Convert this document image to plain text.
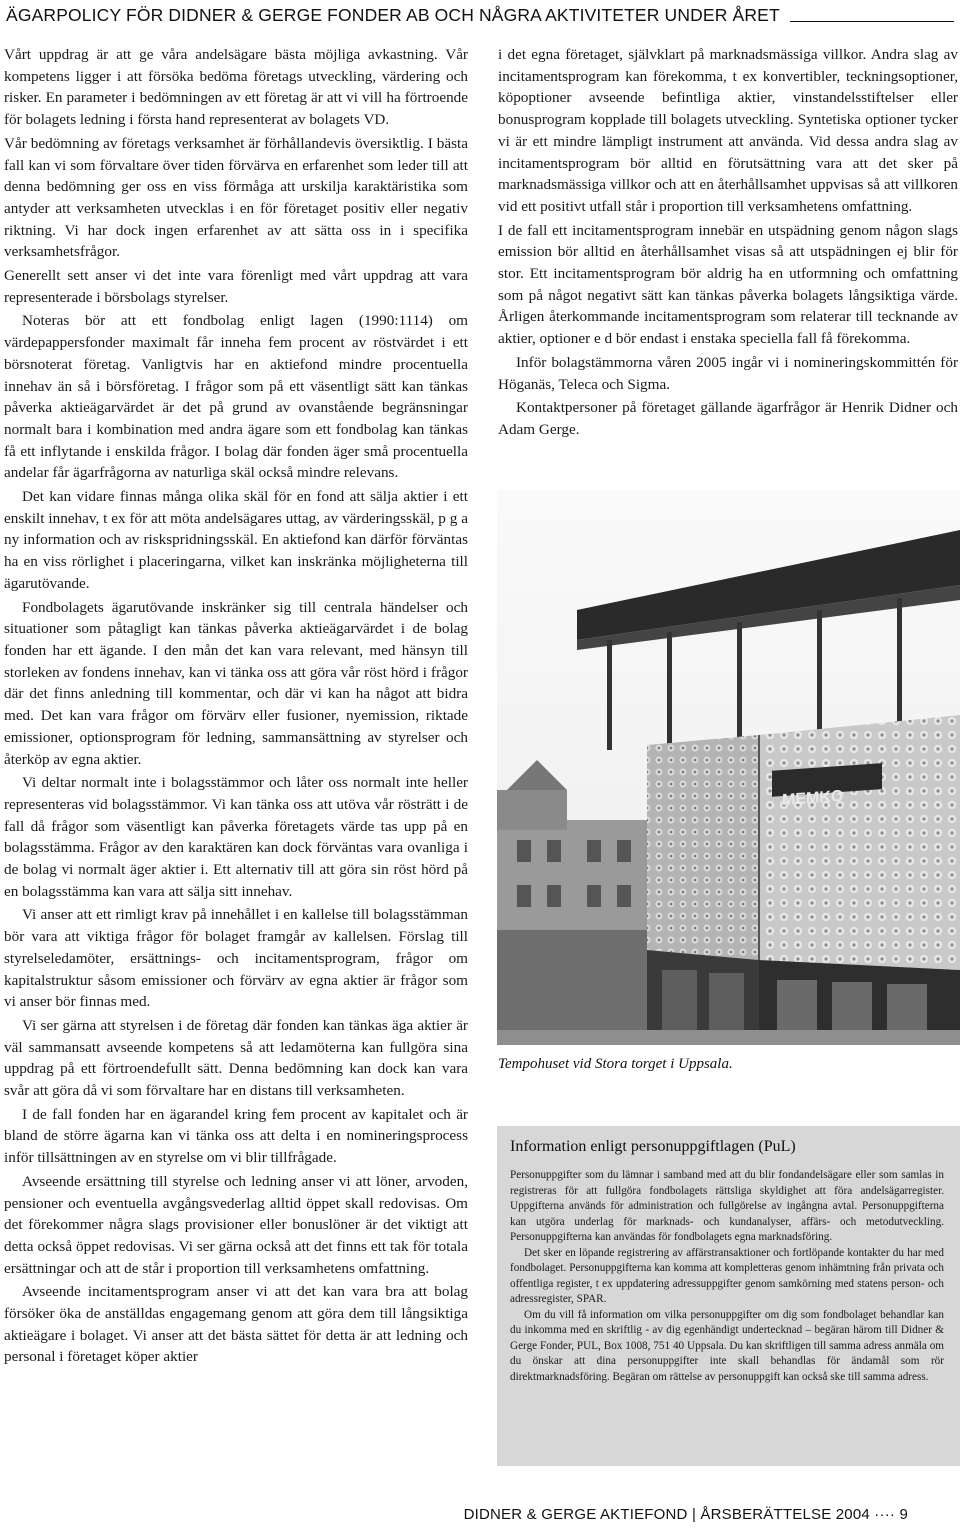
ÄGARPOLICY FÖR DIDNER & GERGE FONDER AB OCH NÅGRA AKTIVITETER UNDER ÅRET

Vårt uppdrag är att ge våra andelsägare bästa möjliga avkastning. Vår kompetens ligger i att försöka bedöma företags utveckling, värdering och risker. En parameter i bedömningen av ett företag är att vi vill ha förtroende för bolagets ledning i första hand representerat av bolagets VD.

Vår bedömning av företags verksamhet är förhållandevis översiktlig. I bästa fall kan vi som förvaltare över tiden förvärva en erfarenhet som leder till att denna bedömning ger oss en viss förmåga att urskilja karaktäristika som antyder att verksamheten utvecklas i en för företaget positiv eller negativ riktning. Vi har dock ingen erfarenhet av att sätta oss in i specifika verksamhetsfrågor.

Generellt sett anser vi det inte vara förenligt med vårt uppdrag att vara representerade i börsbolags styrelser.

Noteras bör att ett fondbolag enligt lagen (1990:1114) om värdepappersfonder maximalt får inneha fem procent av röstvärdet i ett börsnoterat företag. Vanligtvis har en aktiefond mindre procentuella innehav än så i börsföretag. I frågor som på ett väsentligt sätt kan tänkas påverka aktieägarvärdet är det på grund av ovanstående begränsningar normalt bara i kombination med andra ägare som ett fondbolag kan tänkas få ett inflytande i enskilda frågor. I bolag där fonden äger små procentuella andelar får ägarfrågorna av naturliga skäl också mindre relevans.

Det kan vidare finnas många olika skäl för en fond att sälja aktier i ett enskilt innehav, t ex för att möta andelsägares uttag, av värderingsskäl, p g a ny information och av riskspridningsskäl. En aktiefond kan därför förväntas ha en viss rörlighet i placeringarna, vilket kan inskränka möjligheterna till ägarutövande.

Fondbolagets ägarutövande inskränker sig till centrala händelser och situationer som påtagligt kan tänkas påverka aktieägarvärdet i de bolag fonden har ett ägande. I den mån det kan vara relevant, med hänsyn till storleken av fondens innehav, kan vi tänka oss att göra vår röst hörd i frågor där det finns anledning till kommentar, och där vi kan ha något att bidra med. Det kan vara frågor om förvärv eller fusioner, nyemission, riktade emissioner, optionsprogram för ledning, sammansättning av styrelser och återköp av egna aktier.

Vi deltar normalt inte i bolagsstämmor och låter oss normalt inte heller representeras vid bolagsstämmor. Vi kan tänka oss att utöva vår rösträtt i de fall då frågor som väsentligt kan påverka företagets värde tas upp på en bolagsstämma. Frågor av den karaktären kan dock förväntas vara ovanliga i de bolag vi normalt äger aktier i. Ett alternativ till att göra sin röst hörd på en bolagsstämma kan vara att sälja sitt innehav.

Vi anser att ett rimligt krav på innehållet i en kallelse till bolagsstämman bör vara att viktiga frågor för bolaget framgår av kallelsen. Förslag till styrelseledamöter, ersättnings- och incitamentsprogram, frågor om kapitalstruktur såsom emissioner och förvärv av egna aktier är frågor som vi anser bör finnas med.

Vi ser gärna att styrelsen i de företag där fonden kan tänkas äga aktier är väl sammansatt avseende kompetens så att ledamöterna kan fullgöra sina uppdrag på ett förtroendefullt sätt. Denna bedömning kan dock kan vara svår att göra då vi som förvaltare har en distans till verksamheten.

I de fall fonden har en ägarandel kring fem procent av kapitalet och är bland de större ägarna kan vi tänka oss att delta i en nomineringsprocess inför tillsättningen av en styrelse om vi blir tillfrågade.

Avseende ersättning till styrelse och ledning anser vi att löner, arvoden, pensioner och eventuella avgångsvederlag alltid öppet skall redovisas. Om det förekommer några slags provisioner eller bonuslöner är det viktigt att detta också öppet redovisas. Vi ser gärna också att det finns ett tak för totala ersättningar och att de står i proportion till verksamhetens omfattning.

Avseende incitamentsprogram anser vi att det kan vara bra att bolag försöker öka de anställdas engagemang genom att göra dem till långsiktiga aktieägare i bolaget. Vi anser att det bästa sättet för detta är att ledning och personal i företaget köper aktier

i det egna företaget, självklart på marknadsmässiga villkor. Andra slag av incitamentsprogram kan förekomma, t ex konvertibler, teckningsoptioner, köpoptioner avseende befintliga aktier, vinstandelsstiftelser eller bonusprogram kopplade till bolagets utveckling. Syntetiska optioner tycker vi är ett mindre lämpligt instrument att använda. Vid dessa andra slag av incitamentsprogram bör alltid en förutsättning vara att det sker på marknadsmässiga villkor och att en återhållsamhet uppvisas så att villkoren vid ett positivt utfall står i proportion till verksamhetens omfattning.

I de fall ett incitamentsprogram innebär en utspädning genom någon slags emission bör alltid en återhållsamhet visas så att utspädningen ej blir för stor. Ett incitamentsprogram bör aldrig ha en utformning och omfattning som på något negativt sätt kan tänkas påverka bolagets långsiktiga värde. Årligen återkommande incitamentsprogram som relaterar till tecknande av aktier, optioner e d bör endast i enstaka speciella fall få förekomma.

Inför bolagstämmorna våren 2005 ingår vi i nomineringskommittén för Höganäs, Teleca och Sigma.

Kontaktpersoner på företaget gällande ägarfrågor är Henrik Didner och Adam Gerge.

MEMKO
Tempohuset vid Stora torget i Uppsala.
Information enligt personuppgiftlagen (PuL)

Personuppgifter som du lämnar i samband med att du blir fondandelsägare eller som samlas in registreras för att fullgöra fondbolagets rättsliga skyldighet att föra andelsägarregister. Uppgifterna används för administration och fullgörelse av ingångna avtal. Personuppgifterna kan utgöra underlag för marknads- och kundanalyser, affärs- och metodutveckling. Personuppgifterna kan användas för fondbolagets egna marknadsföring.

Det sker en löpande registrering av affärstransaktioner och fortlöpande kontakter du har med fondbolaget. Personuppgifterna kan komma att kompletteras genom inhämtning från privata och offentliga register, t ex uppdatering adressuppgifter genom samkörning med statens person- och adressregister, SPAR.

Om du vill få information om vilka personuppgifter om dig som fondbolaget behandlar kan du inkomma med en skriftlig - av dig egenhändigt undertecknad – begäran härom till Didner & Gerge Fonder, PUL, Box 1008, 751 40 Uppsala. Du kan skriftligen till samma adress anmäla om du önskar att dina personuppgifter inte skall behandlas för ändamål som rör direktmarknadsföring. Begäran om rättelse av personuppgift kan också ske till samma adress.

DIDNER & GERGE AKTIEFOND | ÅRSBERÄTTELSE 2004 ···· 9
